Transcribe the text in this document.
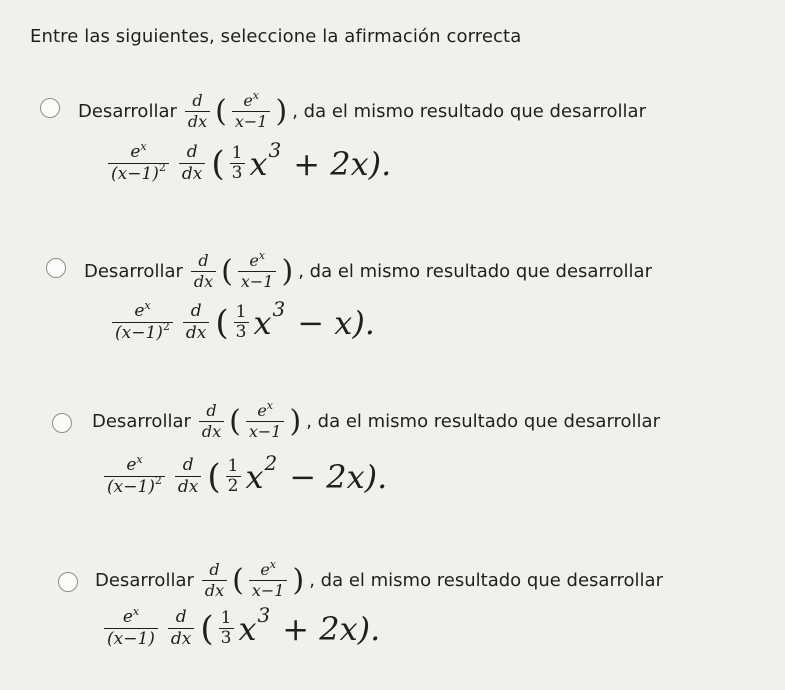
Entre las siguientes, seleccione la afirmación correcta
Desarrollar $\frac{d}{dx}$ ( $\frac{e^x}{x-1}$ ) , da el mismo resultado que desarrollar
$\frac{e^x}{(x-1)^2} \frac{d}{dx}$ ( $\frac{1}{3}$ x 3 + 2x).
Desarrollar $\frac{d}{dx}$ ( $\frac{e^x}{x-1}$ ) , da el mismo resultado que desarrollar
$\frac{e^x}{(x-1)^2} \frac{d}{dx}$ ( $\frac{1}{3}$ x 3 − x).
Desarrollar $\frac{d}{dx}$ ( $\frac{e^x}{x-1}$ ) , da el mismo resultado que desarrollar
$\frac{e^x}{(x-1)^2} \frac{d}{dx}$ ( $\frac{1}{2}$ x 2 − 2x).
Desarrollar $\frac{d}{dx}$ ( $\frac{e^x}{x-1}$ ) , da el mismo resultado que desarrollar
$\frac{e^x}{(x-1)} \frac{d}{dx}$ ( $\frac{1}{3}$ x 3 + 2x).
